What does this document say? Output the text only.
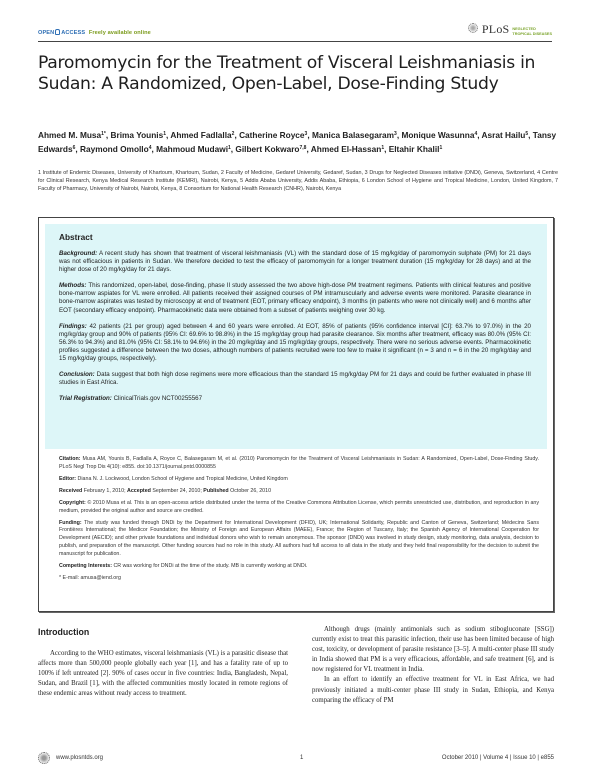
OPEN ACCESS Freely available online	PLoS NEGLECTED
TROPICAL DISEASES
Paromomycin for the Treatment of Visceral Leishmaniasis in Sudan: A Randomized, Open-Label, Dose-Finding Study
Ahmed M. Musa$^{1*}$, Brima Younis$^1$, Ahmed Fadlalla$^2$, Catherine Royce$^3$, Manica Balasegaram$^3$, Monique Wasunna$^4$, Asrat Hailu$^5$, Tansy Edwards$^6$, Raymond Omollo$^4$, Mahmoud Mudawi$^1$, Gilbert Kokwaro$^{7,8}$, Ahmed El-Hassan$^1$, Eltahir Khalil$^1$
1 Institute of Endemic Diseases, University of Khartoum, Khartoum, Sudan, 2 Faculty of Medicine, Gedaref University, Gedaref, Sudan, 3 Drugs for Neglected Diseases initiative (DNDi), Geneva, Switzerland, 4 Centre for Clinical Research, Kenya Medical Research Institute (KEMRI), Nairobi, Kenya, 5 Addis Ababa University, Addis Ababa, Ethiopia, 6 London School of Hygiene and Tropical Medicine, London, United Kingdom, 7 Faculty of Pharmacy, University of Nairobi, Nairobi, Kenya, 8 Consortium for National Health Research (CNHR), Nairobi, Kenya
Abstract

Background: A recent study has shown that treatment of visceral leishmaniasis (VL) with the standard dose of 15 mg/kg/day of paromomycin sulphate (PM) for 21 days was not efficacious in patients in Sudan. We therefore decided to test the efficacy of paromomycin for a longer treatment duration (15 mg/kg/day for 28 days) and at the higher dose of 20 mg/kg/day for 21 days.

Methods: This randomized, open-label, dose-finding, phase II study assessed the two above high-dose PM treatment regimens. Patients with clinical features and positive bone-marrow aspiates for VL were enrolled. All patients received their assigned courses of PM intramuscularly and adverse events were monitored. Parasite clearance in bone-marrow aspirates was tested by microscopy at end of treatment (EOT, primary efficacy endpoint), 3 months (in patients who were not clinically well) and 6 months after EOT (secondary efficacy endpoint). Pharmacokinetic data were obtained from a subset of patients weighing over 30 kg.

Findings: 42 patients (21 per group) aged between 4 and 60 years were enrolled. At EOT, 85% of patients (95% confidence interval [CI]: 63.7% to 97.0%) in the 20 mg/kg/day group and 90% of patients (95% CI: 69.6% to 98.8%) in the 15 mg/kg/day group had parasite clearance. Six months after treatment, efficacy was 80.0% (95% CI: 56.3% to 94.3%) and 81.0% (95% CI: 58.1% to 94.6%) in the 20 mg/kg/day and 15 mg/kg/day groups, respectively. There were no serious adverse events. Pharmacokinetic profiles suggested a difference between the two doses, although numbers of patients recruited were too few to make it significant (n = 3 and n = 6 in the 20 mg/kg/day and 15 mg/kg/day groups, respectively).

Conclusion: Data suggest that both high dose regimens were more efficacious than the standard 15 mg/kg/day PM for 21 days and could be further evaluated in phase III studies in East Africa.

Trial Registration: ClinicalTrials.gov NCT00255567

Citation: Musa AM, Younis B, Fadlalla A, Royce C, Balasegaram M, et al. (2010) Paromomycin for the Treatment of Visceral Leishmaniasis in Sudan: A Randomized, Open-Label, Dose-Finding Study. PLoS Negl Trop Dis 4(10): e855. doi:10.1371/journal.pntd.0000855

Editor: Diana N. J. Lockwood, London School of Hygiene and Tropical Medicine, United Kingdom

Received February 1, 2010; Accepted September 24, 2010; Published October 26, 2010

Copyright: © 2010 Musa et al. This is an open-access article distributed under the terms of the Creative Commons Attribution License, which permits unrestricted use, distribution, and reproduction in any medium, provided the original author and source are credited.

Funding: The study was funded through DNDi by the Department for International Development (DFID), UK; International Solidarity, Republic and Canton of Geneva, Switzerland; Médecins Sans Frontières International; the Medicor Foundation; the Ministry of Foreign and European Affairs (MAEE), France; the Region of Tuscany, Italy; the Spanish Agency of International Cooperation for Development (AECID); and other private foundations and individual donors who wish to remain anonymous. The sponsor (DNDi) was involved in study design, study monitoring, data analysis, decision to publish, and preparation of the manuscript. Other funding sources had no role in this study. All authors had full access to all data in the study and they held final responsibility for the decision to submit the manuscript for publication.

Competing Interests: CR was working for DNDi at the time of the study. MB is currently working at DNDi.

* E-mail: amusa@iend.org

Introduction

According to the WHO estimates, visceral leishmaniasis (VL) is a parasitic disease that affects more than 500,000 people globally each year [1], and has a fatality rate of up to 100% if left untreated [2]. 90% of cases occur in five countries: India, Bangladesh, Nepal, Sudan, and Brazil [1], with the affected communities mostly located in remote regions of these endemic areas without ready access to treatment.

Although drugs (mainly antimonials such as sodium stibogluconate [SSG]) currently exist to treat this parasitic infection, their use has been limited because of high cost, toxicity, or development of parasite resistance [3–5]. A multi-center phase III study in India showed that PM is a very efficacious, affordable, and safe treatment [6], and is now registered for VL treatment in India.

In an effort to identify an effective treatment for VL in East Africa, we had previously initiated a multi-center phase III study in Sudan, Ethiopia, and Kenya comparing the efficacy of PM

www.plosntds.org	1	October 2010 | Volume 4 | Issue 10 | e855
